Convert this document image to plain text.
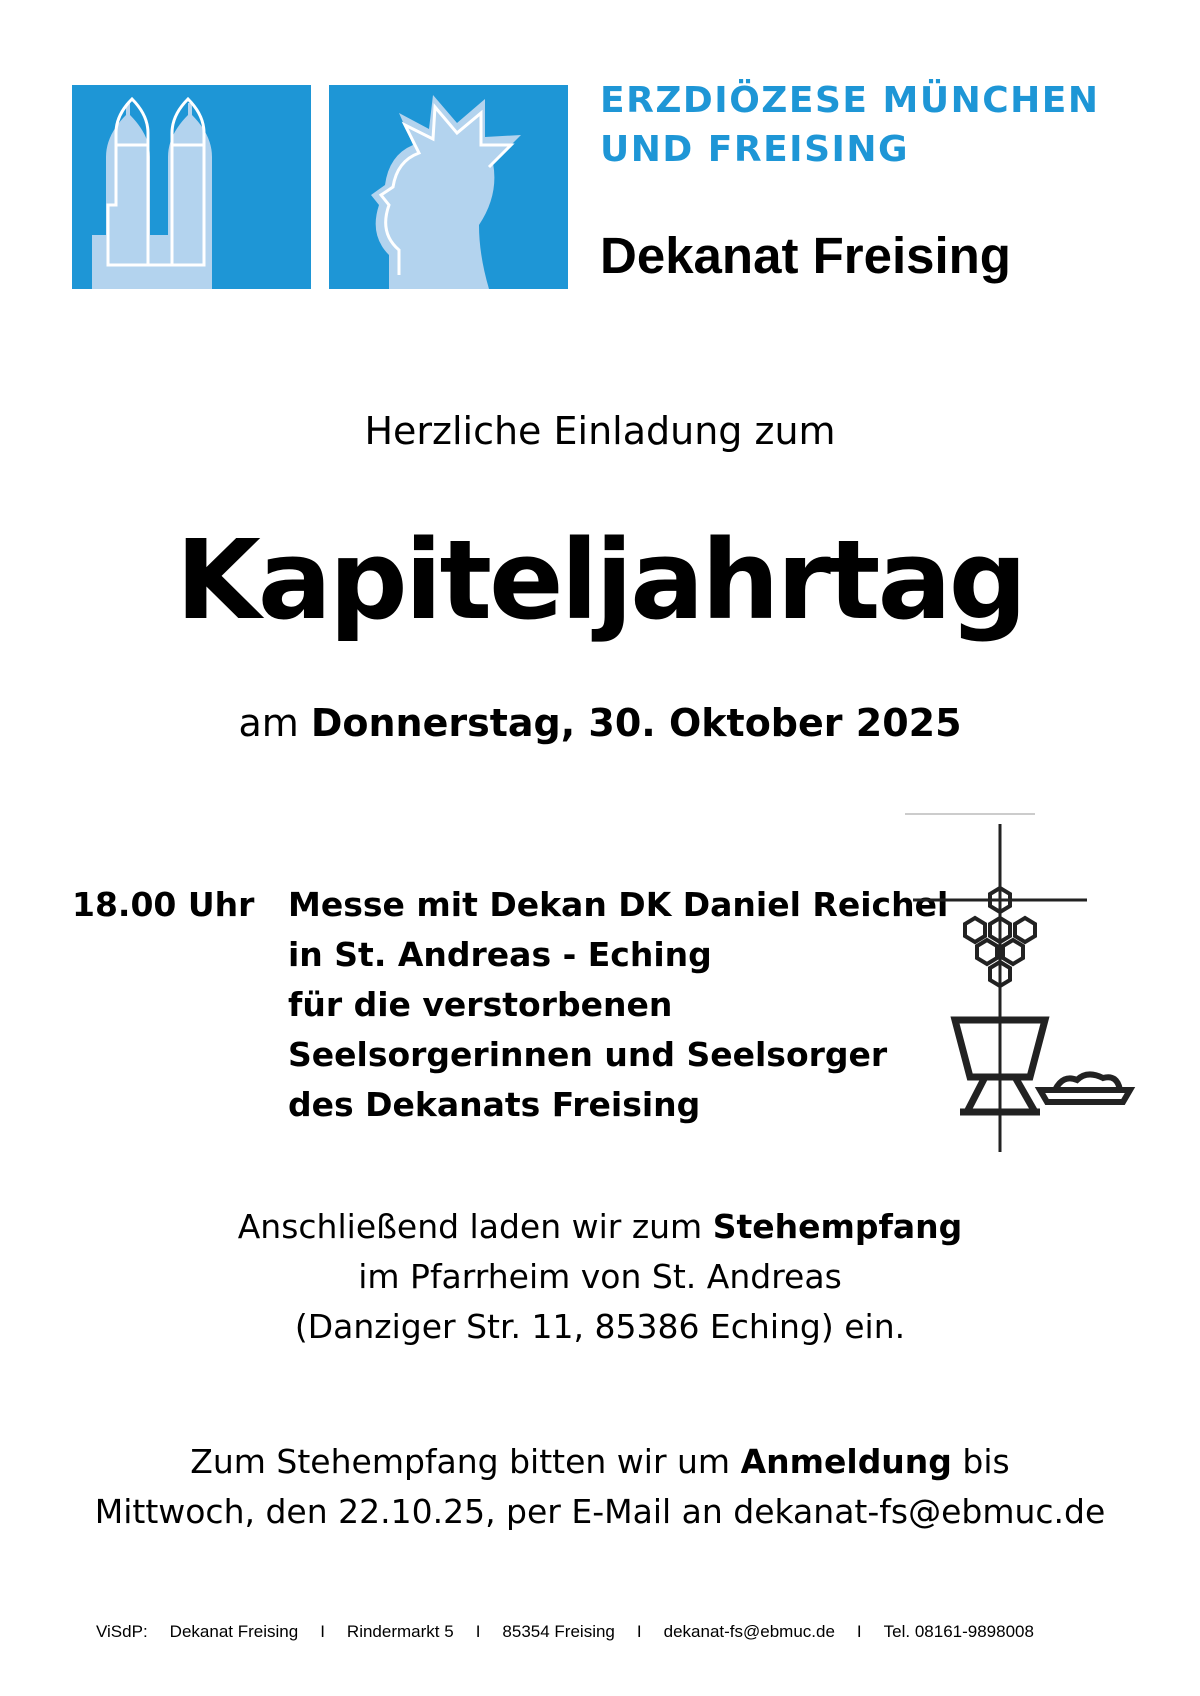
ERZDIÖZESE MÜNCHEN
UND FREISING
Dekanat Freising
Herzliche Einladung zum
Kapiteljahrtag
am Donnerstag, 30. Oktober 2025
18.00 Uhr Messe mit Dekan DK Daniel Reichel
in St. Andreas - Eching
für die verstorbenen
Seelsorgerinnen und Seelsorger
des Dekanats Freising
Anschließend laden wir zum Stehempfang
im Pfarrheim von St. Andreas
(Danziger Str. 11, 85386 Eching) ein.
Zum Stehempfang bitten wir um Anmeldung bis
Mittwoch, den 22.10.25, per E-Mail an dekanat-fs@ebmuc.de
ViSdP:	Dekanat Freising	I	Rindermarkt 5	I	85354 Freising	I	dekanat-fs@ebmuc.de	I	Tel. 08161-9898008
